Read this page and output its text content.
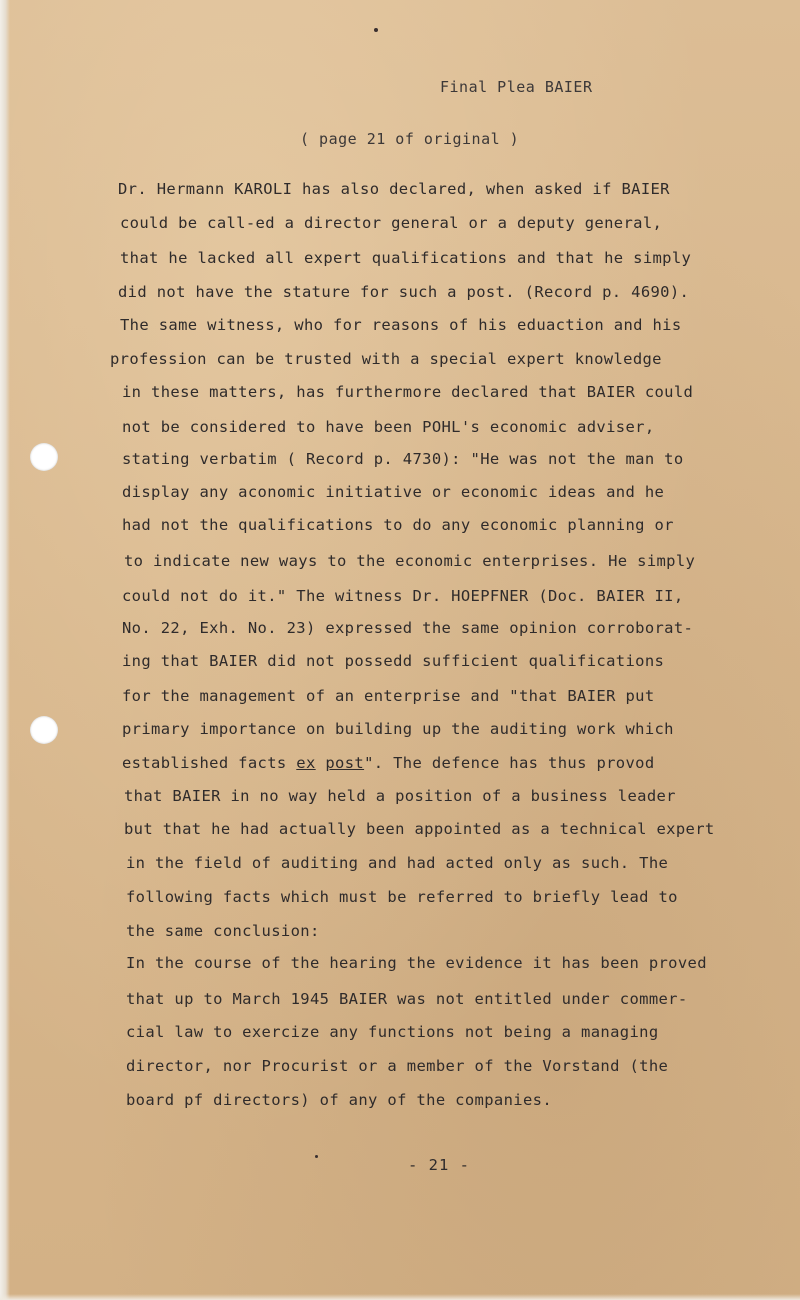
Final Plea BAIER
( page 21 of original )
Dr. Hermann KAROLI has also declared, when asked if BAIER
could be call-ed a director general or a deputy general,
that he lacked all expert qualifications and that he simply
did not have the stature for such a post. (Record p. 4690).
The same witness, who for reasons of his eduaction and his
profession can be trusted with a special expert knowledge
in these matters, has furthermore declared that BAIER could
not be considered to have been POHL's economic adviser,
stating verbatim ( Record p. 4730): "He was not the man to
display any aconomic initiative or economic ideas and he
had not the qualifications to do any economic planning or
to indicate new ways to the economic enterprises. He simply
could not do it." The witness Dr. HOEPFNER (Doc. BAIER II,
No. 22, Exh. No. 23) expressed the same opinion corroborat-
ing that BAIER did not possedd sufficient qualifications
for the management of an enterprise and "that BAIER put
primary importance on building up the auditing work which
established facts ex post". The defence has thus provod
that BAIER in no way held a position of a business leader
but that he had actually been appointed as a technical expert
in the field of auditing and had acted only as such. The
following facts which must be referred to briefly lead to
the same conclusion:
In the course of the hearing the evidence it has been proved
that up to March 1945 BAIER was not entitled under commer-
cial law to exercize any functions not being a managing
director, nor Procurist or a member of the Vorstand (the
board pf directors) of any of the companies.
- 21 -
